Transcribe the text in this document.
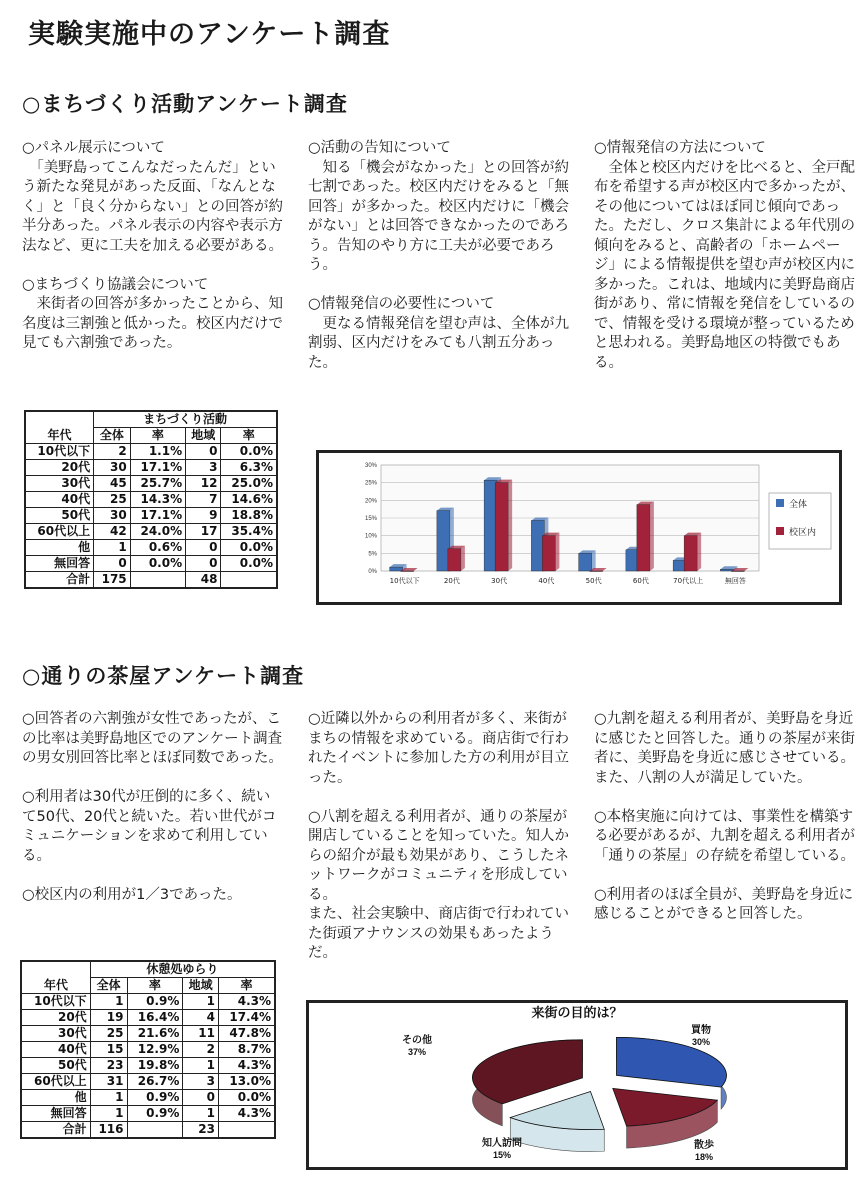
実験実施中のアンケート調査
○まちづくり活動アンケート調査
○パネル展示について
　「美野島ってこんなだったんだ」という新たな発見があった反面、「なんとなく」と「良く分からない」との回答が約半分あった。パネル表示の内容や表示方法など、更に工夫を加える必要がある。
○まちづくり協議会について
　来街者の回答が多かったことから、知名度は三割強と低かった。校区内だけで見ても六割強であった。
○活動の告知について
　知る「機会がなかった」との回答が約七割であった。校区内だけをみると「無回答」が多かった。校区内だけに「機会がない」とは回答できなかったのであろう。告知のやり方に工夫が必要であろう。
○情報発信の必要性について
　更なる情報発信を望む声は、全体が九割弱、区内だけをみても八割五分あった。
○情報発信の方法について
　全体と校区内だけを比べると、全戸配布を希望する声が校区内で多かったが、その他についてはほぼ同じ傾向であった。ただし、クロス集計による年代別の傾向をみると、高齢者の「ホームページ」による情報提供を望む声が校区内に多かった。これは、地域内に美野島商店街があり、常に情報を発信をしているので、情報を受ける環境が整っているためと思われる。美野島地区の特徴でもある。
年代	まちづくり活動			
	全体	率	地域	率
10代以下	2	1.1%	0	0.0%
20代	30	17.1%	3	6.3%
30代	45	25.7%	12	25.0%
40代	25	14.3%	7	14.6%
50代	30	17.1%	9	18.8%
60代以上	42	24.0%	17	35.4%
他	1	0.6%	0	0.0%
無回答	0	0.0%	0	0.0%
合計	175		48		0%
5%
10%
15%
20%
25%
30%
10代以下	20代	30代	40代	50代	60代	70代以上	無回答
全体
校区内
○通りの茶屋アンケート調査
○回答者の六割強が女性であったが、この比率は美野島地区でのアンケート調査の男女別回答比率とほぼ同数であった。
○利用者は30代が圧倒的に多く、続いて50代、20代と続いた。若い世代がコミュニケーションを求めて利用している。
○校区内の利用が1／3であった。
○近隣以外からの利用者が多く、来街がまちの情報を求めている。商店街で行われたイベントに参加した方の利用が目立った。
○八割を超える利用者が、通りの茶屋が開店していることを知っていた。知人からの紹介が最も効果があり、こうしたネットワークがコミュニティを形成している。
また、社会実験中、商店街で行われていた街頭アナウンスの効果もあったようだ。
○九割を超える利用者が、美野島を身近に感じたと回答した。通りの茶屋が来街者に、美野島を身近に感じさせている。また、八割の人が満足していた。
○本格実施に向けては、事業性を構築する必要があるが、九割を超える利用者が「通りの茶屋」の存続を希望している。
○利用者のほぼ全員が、美野島を身近に感じることができると回答した。
年代	休憩処ゆらり			
	全体	率	地域	率
10代以下	1	0.9%	1	4.3%
20代	19	16.4%	4	17.4%
30代	25	21.6%	11	47.8%
40代	15	12.9%	2	8.7%
50代	23	19.8%	1	4.3%
60代以上	31	26.7%	3	13.0%
他	1	0.9%	0	0.0%
無回答	1	0.9%	1	4.3%
合計	116		23	
来街の目的は？
買物
30%
散歩
18%
知人訪問
15%
その他
37%
